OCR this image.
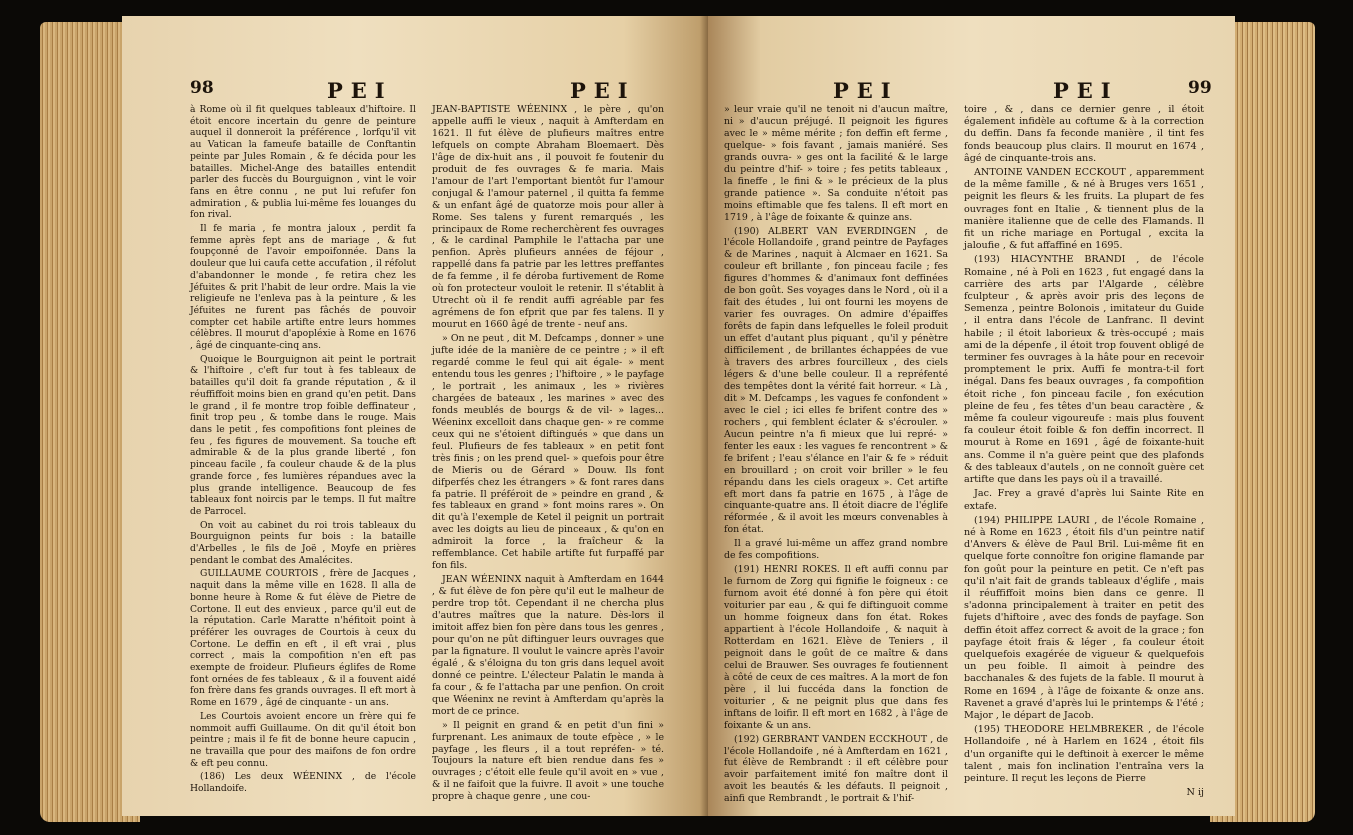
98	PEI	PEI

à Rome où il fit quelques tableaux d'hiftoire. Il étoit encore incertain du genre de peinture auquel il donneroit la préférence , lorfqu'il vit au Vatican la fameufe bataille de Conftantin peinte par Jules Romain , & fe décida pour les batailles. Michel-Ange des batailles entendit parler des fuccès du Bourguignon , vint le voir fans en être connu , ne put lui refufer fon admiration , & publia lui-même fes louanges du fon rival.

Il fe maria , fe montra jaloux , perdit fa femme après fept ans de mariage , & fut foupçonné de l'avoir empoifonnée. Dans la douleur que lui caufa cette accufation , il réfolut d'abandonner le monde , fe retira chez les Jéfuites & prit l'habit de leur ordre. Mais la vie religieufe ne l'enleva pas à la peinture , & les Jéfuites ne furent pas fâchés de pouvoir compter cet habile artifte entre leurs hommes célèbres. Il mourut d'apopléxie à Rome en 1676 , âgé de cinquante-cinq ans.

Quoique le Bourguignon ait peint le portrait & l'hiftoire , c'eft fur tout à fes tableaux de batailles qu'il doit fa grande réputation , & il réuffiffoit moins bien en grand qu'en petit. Dans le grand , il fe montre trop foible deffinateur , finit trop peu , & tombe dans le rouge. Mais dans le petit , fes compofitions font pleines de feu , fes figures de mouvement. Sa touche eft admirable & de la plus grande liberté , fon pinceau facile , fa couleur chaude & de la plus grande force , fes lumières répandues avec la plus grande intelligence. Beaucoup de fes tableaux font noircis par le temps. Il fut maître de Parrocel.

On voit au cabinet du roi trois tableaux du Bourguignon peints fur bois : la bataille d'Arbelles , le fils de Joë , Moyfe en prières pendant le combat des Amalécites.

GUILLAUME COURTOIS , frère de Jacques , naquit dans la même ville en 1628. Il alla de bonne heure à Rome & fut élève de Pietre de Cortone. Il eut des envieux , parce qu'il eut de la réputation. Carle Maratte n'héfitoit point à préférer les ouvrages de Courtois à ceux du Cortone. Le deffin en eft , il eft vrai , plus correct , mais la compofition n'en eft pas exempte de froideur. Plufieurs églifes de Rome font ornées de fes tableaux , & il a fouvent aidé fon frère dans fes grands ouvrages. Il eft mort à Rome en 1679 , âgé de cinquante - un ans.

Les Courtois avoient encore un frère qui fe nommoit auffi Guillaume. On dit qu'il étoit bon peintre ; mais il fe fit de bonne heure capucin , ne travailla que pour des maifons de fon ordre & eft peu connu.

(186) Les deux WÉENINX , de l'école Hollandoife.

JEAN-BAPTISTE WÉENINX , le père , qu'on appelle auffi le vieux , naquit à Amfterdam en 1621. Il fut élève de plufieurs maîtres entre lefquels on compte Abraham Bloemaert. Dès l'âge de dix-huit ans , il pouvoit fe foutenir du produit de fes ouvrages & fe maria. Mais l'amour de l'art l'emportant bientôt fur l'amour conjugal & l'amour paternel , il quitta fa femme & un enfant âgé de quatorze mois pour aller à Rome. Ses talens y furent remarqués , les principaux de Rome recherchèrent fes ouvrages , & le cardinal Pamphile le l'attacha par une penfion. Après plufieurs années de féjour , rappellé dans fa patrie par les lettres preffantes de fa femme , il fe déroba furtivement de Rome où fon protecteur vouloit le retenir. Il s'établit à Utrecht où il fe rendit auffi agréable par fes agrémens de fon efprit que par fes talens. Il y mourut en 1660 âgé de trente - neuf ans.

» On ne peut , dit M. Defcamps , donner » une jufte idée de la manière de ce peintre ; » il eft regardé comme le feul qui ait égale- » ment entendu tous les genres ; l'hiftoire , » le payfage , le portrait , les animaux , les » rivières chargées de bateaux , les marines » avec des fonds meublés de bourgs & de vil- » lages... Wéeninx excelloit dans chaque gen- » re comme ceux qui ne s'étoient diftingués » que dans un feul. Plufieurs de fes tableaux » en petit font très finis ; on les prend quel- » quefois pour être de Mieris ou de Gérard » Douw. Ils font difperfés chez les étrangers » & font rares dans fa patrie. Il préféroit de » peindre en grand , & fes tableaux en grand » font moins rares ». On dit qu'à l'exemple de Ketel il peignit un portrait avec les doigts au lieu de pinceaux , & qu'on en admiroit la force , la fraîcheur & la reffemblance. Cet habile artifte fut furpaffé par fon fils.

JEAN WÉENINX naquit à Amfterdam en 1644 , & fut élève de fon père qu'il eut le malheur de perdre trop tôt. Cependant il ne chercha plus d'autres maîtres que la nature. Dès-lors il imitoit affez bien fon père dans tous les genres , pour qu'on ne pût diftinguer leurs ouvrages que par la fignature. Il voulut le vaincre après l'avoir égalé , & s'éloigna du ton gris dans lequel avoit donné ce peintre. L'électeur Palatin le manda à fa cour , & fe l'attacha par une penfion. On croit que Wéeninx ne revint à Amfterdam qu'après la mort de ce prince.

» Il peignit en grand & en petit d'un fini » furprenant. Les animaux de toute efpèce , » le payfage , les fleurs , il a tout repréfen- » té. Toujours la nature eft bien rendue dans fes » ouvrages ; c'étoit elle feule qu'il avoit en » vue , & il ne faifoit que la fuivre. Il avoit » une touche propre à chaque genre , une cou-

PEI	PEI	99

» leur vraie qu'il ne tenoit ni d'aucun maître, ni » d'aucun préjugé. Il peignoit les figures avec le » même mérite ; fon deffin eft ferme , quelque- » fois favant , jamais maniéré. Ses grands ouvra- » ges ont la facilité & le large du peintre d'hif- » toire ; fes petits tableaux , la fineffe , le fini & » le précieux de la plus grande patience ». Sa conduite n'étoit pas moins eftimable que fes talens. Il eft mort en 1719 , à l'âge de foixante & quinze ans.

(190) ALBERT VAN EVERDINGEN , de l'école Hollandoife , grand peintre de Payfages & de Marines , naquit à Alcmaer en 1621. Sa couleur eft brillante , fon pinceau facile ; fes figures d'hommes & d'animaux font deffinées de bon goût. Ses voyages dans le Nord , où il a fait des études , lui ont fourni les moyens de varier fes ouvrages. On admire d'épaiffes forêts de fapin dans lefquelles le foleil produit un effet d'autant plus piquant , qu'il y pénètre difficilement , de brillantes échappées de vue à travers des arbres fourcilleux , des ciels légers & d'une belle couleur. Il a repréfenté des tempêtes dont la vérité fait horreur. « Là , dit » M. Defcamps , les vagues fe confondent » avec le ciel ; ici elles fe brifent contre des » rochers , qui femblent éclater & s'écrouler. » Aucun peintre n'a fi mieux que lui repré- » fenter les eaux : les vagues fe rencontrent » & fe brifent ; l'eau s'élance en l'air & fe » réduit en brouillard ; on croit voir briller » le feu répandu dans les ciels orageux ». Cet artifte eft mort dans fa patrie en 1675 , à l'âge de cinquante-quatre ans. Il étoit diacre de l'églife réformée , & il avoit les mœurs convenables à fon état.

Il a gravé lui-même un affez grand nombre de fes compofitions.

(191) HENRI ROKES. Il eft auffi connu par le furnom de Zorg qui fignifie le foigneux : ce furnom avoit été donné à fon père qui étoit voiturier par eau , & qui fe diftinguoit comme un homme foigneux dans fon état. Rokes appartient à l'école Hollandoife , & naquit à Rotterdam en 1621. Elève de Teniers , il peignoit dans le goût de ce maître & dans celui de Brauwer. Ses ouvrages fe foutiennent à côté de ceux de ces maîtres. A la mort de fon père , il lui fuccéda dans la fonction de voiturier , & ne peignit plus que dans fes inftans de loifir. Il eft mort en 1682 , à l'âge de foixante & un ans.

(192) GERBRANT VANDEN ECCKHOUT , de l'école Hollandoife , né à Amfterdam en 1621 , fut élève de Rembrandt : il eft célèbre pour avoir parfaitement imité fon maître dont il avoit les beautés & les défauts. Il peignoit , ainfi que Rembrandt , le portrait & l'hif-

toire , & , dans ce dernier genre , il étoit également infidèle au coftume & à la correction du deffin. Dans fa feconde manière , il tint fes fonds beaucoup plus clairs. Il mourut en 1674 , âgé de cinquante-trois ans.

ANTOINE VANDEN ECCKOUT , apparemment de la même famille , & né à Bruges vers 1651 , peignit les fleurs & les fruits. La plupart de fes ouvrages font en Italie , & tiennent plus de la manière italienne que de celle des Flamands. Il fit un riche mariage en Portugal , excita la jaloufie , & fut affaffiné en 1695.

(193) HIACYNTHE BRANDI , de l'école Romaine , né à Poli en 1623 , fut engagé dans la carrière des arts par l'Algarde , célèbre fculpteur , & après avoir pris des leçons de Semenza , peintre Bolonois , imitateur du Guide , il entra dans l'école de Lanfranc. Il devint habile ; il étoit laborieux & très-occupé ; mais ami de la dépenfe , il étoit trop fouvent obligé de terminer fes ouvrages à la hâte pour en recevoir promptement le prix. Auffi fe montra-t-il fort inégal. Dans fes beaux ouvrages , fa compofition étoit riche , fon pinceau facile , fon exécution pleine de feu , fes têtes d'un beau caractère , & même fa couleur vigoureufe : mais plus fouvent fa couleur étoit foible & fon deffin incorrect. Il mourut à Rome en 1691 , âgé de foixante-huit ans. Comme il n'a guère peint que des plafonds & des tableaux d'autels , on ne connoît guère cet artifte que dans les pays où il a travaillé.

Jac. Frey a gravé d'après lui Sainte Rite en extafe.

(194) PHILIPPE LAURI , de l'école Romaine , né à Rome en 1623 , étoit fils d'un peintre natif d'Anvers & élève de Paul Bril. Lui-même fit en quelque forte connoître fon origine flamande par fon goût pour la peinture en petit. Ce n'eft pas qu'il n'ait fait de grands tableaux d'églife , mais il réuffiffoit moins bien dans ce genre. Il s'adonna principalement à traiter en petit des fujets d'hiftoire , avec des fonds de payfage. Son deffin étoit affez correct & avoit de la grace ; fon payfage étoit frais & léger , fa couleur étoit quelquefois exagérée de vigueur & quelquefois un peu foible. Il aimoit à peindre des bacchanales & des fujets de la fable. Il mourut à Rome en 1694 , à l'âge de foixante & onze ans. Ravenet a gravé d'après lui le printemps & l'été ; Major , le départ de Jacob.

(195) THEODORE HELMBREKER , de l'école Hollandoife , né à Harlem en 1624 , étoit fils d'un organifte qui le deftinoit à exercer le même talent , mais fon inclination l'entraîna vers la peinture. Il reçut les leçons de Pierre

N ij
